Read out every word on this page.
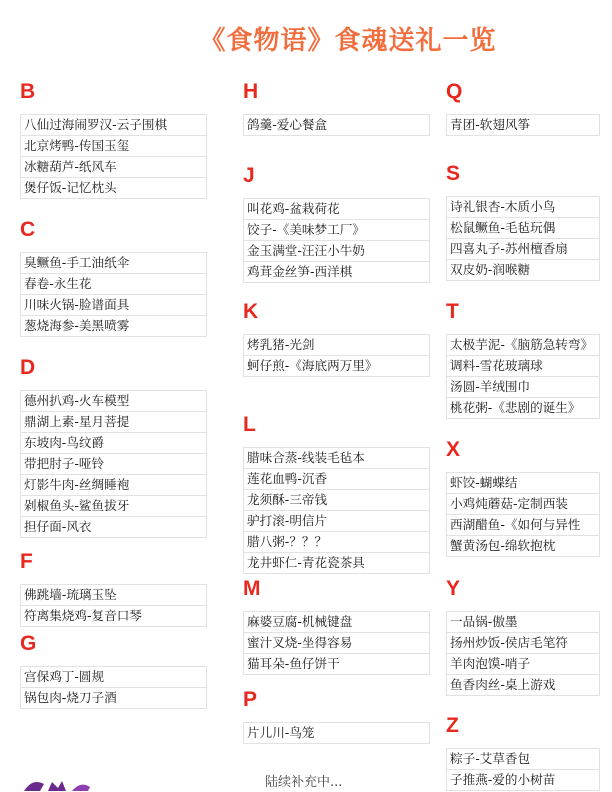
《食物语》食魂送礼一览
B
八仙过海闹罗汉-云子围棋
北京烤鸭-传国玉玺
冰糖葫芦-纸风车
煲仔饭-记忆枕头
C
臭鳜鱼-手工油纸伞
春卷-永生花
川味火锅-脸谱面具
葱烧海参-美黑喷雾
D
德州扒鸡-火车模型
鼎湖上素-星月菩提
东坡肉-鸟纹爵
带把肘子-哑铃
灯影牛肉-丝绸睡袍
剁椒鱼头-鲨鱼拔牙
担仔面-风衣
F
佛跳墙-琉璃玉坠
符离集烧鸡-复音口琴
G
宫保鸡丁-圆规
锅包肉-烧刀子酒
H
鸽羹-爱心餐盒
J
叫花鸡-盆栽荷花
饺子-《美味梦工厂》
金玉满堂-汪汪小牛奶
鸡茸金丝笋-西洋棋
K
烤乳猪-光剑
蚵仔煎-《海底两万里》
L
腊味合蒸-线装毛毡本
莲花血鸭-沉香
龙须酥-三帝钱
驴打滚-明信片
腊八粥-？？？
龙井虾仁-青花瓷茶具
M
麻婆豆腐-机械键盘
蜜汁叉烧-坐得容易
猫耳朵-鱼仔饼干
P
片儿川-鸟笼
Q
青团-软翅风筝
S
诗礼银杏-木质小鸟
松鼠鳜鱼-毛毡玩偶
四喜丸子-苏州檀香扇
双皮奶-润喉糖
T
太极芋泥-《脑筋急转弯》
调料-雪花玻璃球
汤圆-羊绒围巾
桃花粥-《悲剧的诞生》
X
虾饺-蝴蝶结
小鸡炖蘑菇-定制西装
西湖醋鱼-《如何与异性
蟹黄汤包-绵软抱枕
Y
一品锅-傲墨
扬州炒饭-侯店毛笔符
羊肉泡馍-哨子
鱼香肉丝-桌上游戏
Z
粽子-艾草香包
子推燕-爱的小树苗
陆续补充中...
